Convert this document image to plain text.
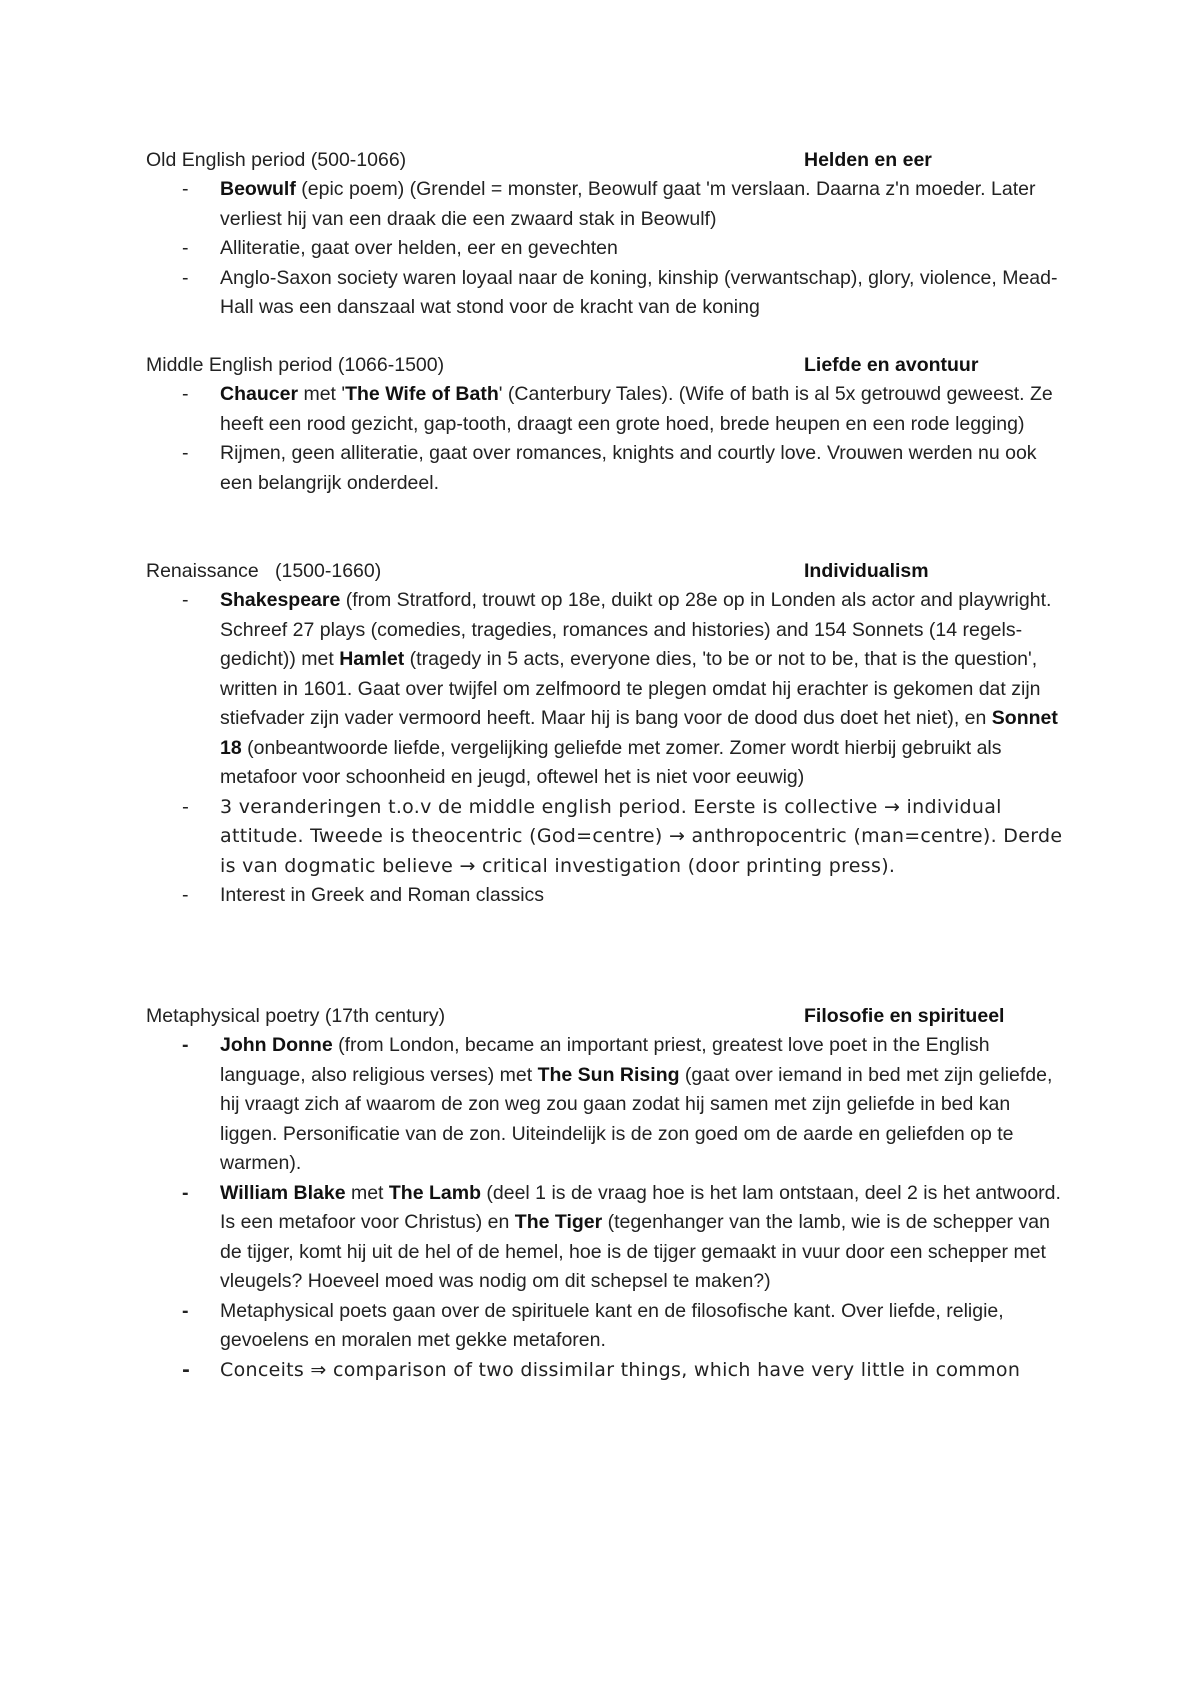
Old English period (500-1066)	Helden en eer
- Beowulf (epic poem) (Grendel = monster, Beowulf gaat 'm verslaan. Daarna z'n moeder. Later verliest hij van een draak die een zwaard stak in Beowulf)
- Alliteratie, gaat over helden, eer en gevechten
- Anglo-Saxon society waren loyaal naar de koning, kinship (verwantschap), glory, violence, Mead-Hall was een danszaal wat stond voor de kracht van de koning
Middle English period (1066-1500)	Liefde en avontuur
- Chaucer met 'The Wife of Bath' (Canterbury Tales). (Wife of bath is al 5x getrouwd geweest. Ze heeft een rood gezicht, gap-tooth, draagt een grote hoed, brede heupen en een rode legging)
- Rijmen, geen alliteratie, gaat over romances, knights and courtly love. Vrouwen werden nu ook een belangrijk onderdeel.
Renaissance   (1500-1660)	Individualism
- Shakespeare (from Stratford, trouwt op 18e, duikt op 28e op in Londen als actor and playwright. Schreef 27 plays (comedies, tragedies, romances and histories) and 154 Sonnets (14 regels-gedicht)) met Hamlet (tragedy in 5 acts, everyone dies, 'to be or not to be, that is the question', written in 1601. Gaat over twijfel om zelfmoord te plegen omdat hij erachter is gekomen dat zijn stiefvader zijn vader vermoord heeft. Maar hij is bang voor de dood dus doet het niet), en Sonnet 18 (onbeantwoorde liefde, vergelijking geliefde met zomer. Zomer wordt hierbij gebruikt als metafoor voor schoonheid en jeugd, oftewel het is niet voor eeuwig)
- 3 veranderingen t.o.v de middle english period. Eerste is collective → individual attitude. Tweede is theocentric (God=centre) → anthropocentric (man=centre). Derde is van dogmatic believe → critical investigation (door printing press).
- Interest in Greek and Roman classics
Metaphysical poetry (17th century)	Filosofie en spiritueel
- John Donne (from London, became an important priest, greatest love poet in the English language, also religious verses) met The Sun Rising (gaat over iemand in bed met zijn geliefde, hij vraagt zich af waarom de zon weg zou gaan zodat hij samen met zijn geliefde in bed kan liggen. Personificatie van de zon. Uiteindelijk is de zon goed om de aarde en geliefden op te warmen).
- William Blake met The Lamb (deel 1 is de vraag hoe is het lam ontstaan, deel 2 is het antwoord. Is een metafoor voor Christus) en The Tiger (tegenhanger van the lamb, wie is de schepper van de tijger, komt hij uit de hel of de hemel, hoe is de tijger gemaakt in vuur door een schepper met vleugels? Hoeveel moed was nodig om dit schepsel te maken?)
- Metaphysical poets gaan over de spirituele kant en de filosofische kant. Over liefde, religie, gevoelens en moralen met gekke metaforen.
- Conceits ⇒ comparison of two dissimilar things, which have very little in common
